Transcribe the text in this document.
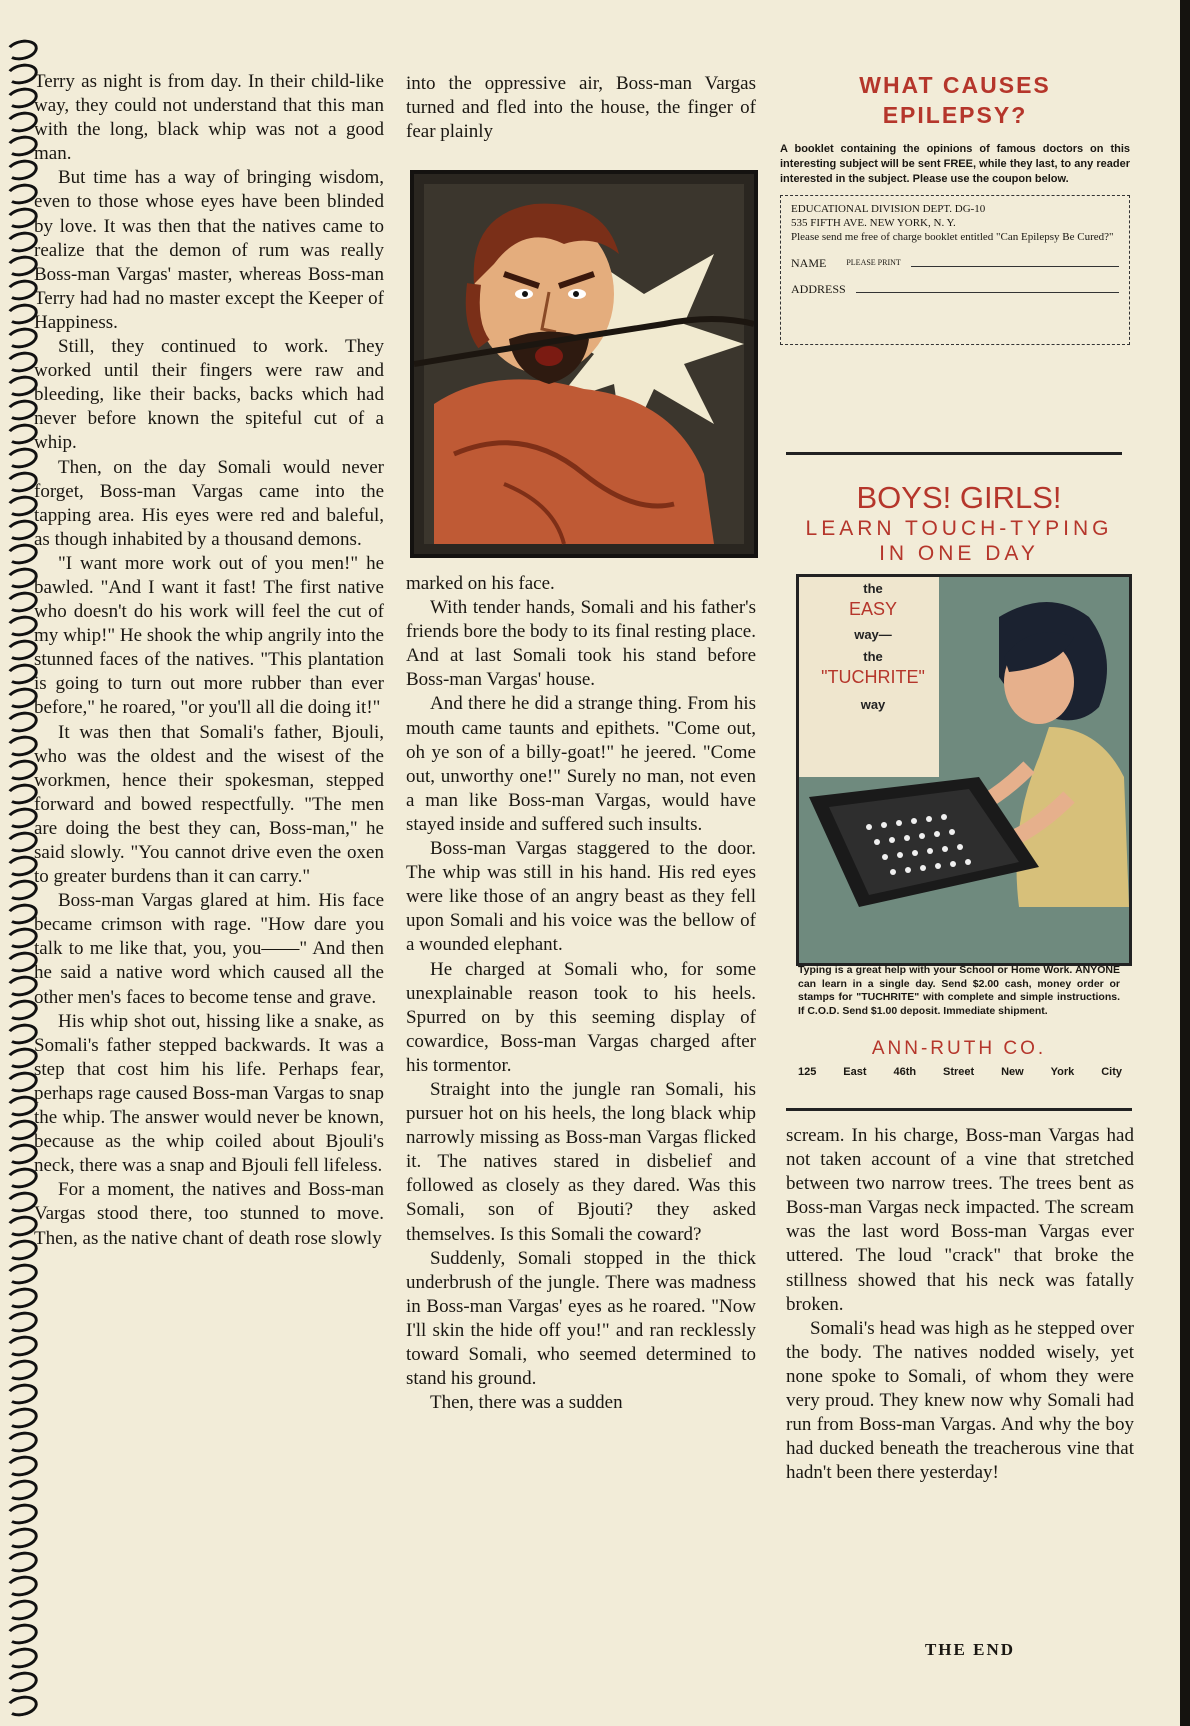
Terry as night is from day. In their child-like way, they could not understand that this man with the long, black whip was not a good man.

But time has a way of bringing wisdom, even to those whose eyes have been blinded by love. It was then that the natives came to realize that the demon of rum was really Boss-man Vargas' master, whereas Boss-man Terry had had no master except the Keeper of Happiness.

Still, they continued to work. They worked until their fingers were raw and bleeding, like their backs, backs which had never before known the spiteful cut of a whip.

Then, on the day Somali would never forget, Boss-man Vargas came into the tapping area. His eyes were red and baleful, as though inhabited by a thousand demons.

"I want more work out of you men!" he bawled. "And I want it fast! The first native who doesn't do his work will feel the cut of my whip!" He shook the whip angrily into the stunned faces of the natives. "This plantation is going to turn out more rubber than ever before," he roared, "or you'll all die doing it!"

It was then that Somali's father, Bjouli, who was the oldest and the wisest of the workmen, hence their spokesman, stepped forward and bowed respectfully. "The men are doing the best they can, Boss-man," he said slowly. "You cannot drive even the oxen to greater burdens than it can carry."

Boss-man Vargas glared at him. His face became crimson with rage. "How dare you talk to me like that, you, you——" And then he said a native word which caused all the other men's faces to become tense and grave.

His whip shot out, hissing like a snake, as Somali's father stepped backwards. It was a step that cost him his life. Perhaps fear, perhaps rage caused Boss-man Vargas to snap the whip. The answer would never be known, because as the whip coiled about Bjouli's neck, there was a snap and Bjouli fell lifeless.

For a moment, the natives and Boss-man Vargas stood there, too stunned to move. Then, as the native chant of death rose slowly

into the oppressive air, Boss-man Vargas turned and fled into the house, the finger of fear plainly

marked on his face.

With tender hands, Somali and his father's friends bore the body to its final resting place. And at last Somali took his stand before Boss-man Vargas' house.

And there he did a strange thing. From his mouth came taunts and epithets. "Come out, oh ye son of a billy-goat!" he jeered. "Come out, unworthy one!" Surely no man, not even a man like Boss-man Vargas, would have stayed inside and suffered such insults.

Boss-man Vargas staggered to the door. The whip was still in his hand. His red eyes were like those of an angry beast as they fell upon Somali and his voice was the bellow of a wounded elephant.

He charged at Somali who, for some unexplainable reason took to his heels. Spurred on by this seeming display of cowardice, Boss-man Vargas charged after his tormentor.

Straight into the jungle ran Somali, his pursuer hot on his heels, the long black whip narrowly missing as Boss-man Vargas flicked it. The natives stared in disbelief and followed as closely as they dared. Was this Somali, son of Bjouti? they asked themselves. Is this Somali the coward?

Suddenly, Somali stopped in the thick underbrush of the jungle. There was madness in Boss-man Vargas' eyes as he roared. "Now I'll skin the hide off you!" and ran recklessly toward Somali, who seemed determined to stand his ground.

Then, there was a sudden

WHAT CAUSES
EPILEPSY?
A booklet containing the opinions of famous doctors on this interesting subject will be sent FREE, while they last, to any reader interested in the subject. Please use the coupon below.
EDUCATIONAL DIVISION DEPT. DG-10
535 FIFTH AVE. NEW YORK, N. Y.
Please send me free of charge booklet entitled "Can Epilepsy Be Cured?"
NAME	PLEASE PRINT
ADDRESS
BOYS! GIRLS!
LEARN TOUCH-TYPING
IN ONE DAY
the
EASY
way—
the
"TUCHRITE"
way
Typing is a great help with your School or Home Work. ANYONE can learn in a single day. Send $2.00 cash, money order or stamps for "TUCHRITE" with complete and simple instructions. If C.O.D. Send $1.00 deposit. Immediate shipment.
ANN-RUTH CO.
125 East 46th Street New York City

scream. In his charge, Boss-man Vargas had not taken account of a vine that stretched between two narrow trees. The trees bent as Boss-man Vargas neck impacted. The scream was the last word Boss-man Vargas ever uttered. The loud "crack" that broke the stillness showed that his neck was fatally broken.

Somali's head was high as he stepped over the body. The natives nodded wisely, yet none spoke to Somali, of whom they were very proud. They knew now why Somali had run from Boss-man Vargas. And why the boy had ducked beneath the treacherous vine that hadn't been there yesterday!

THE END
